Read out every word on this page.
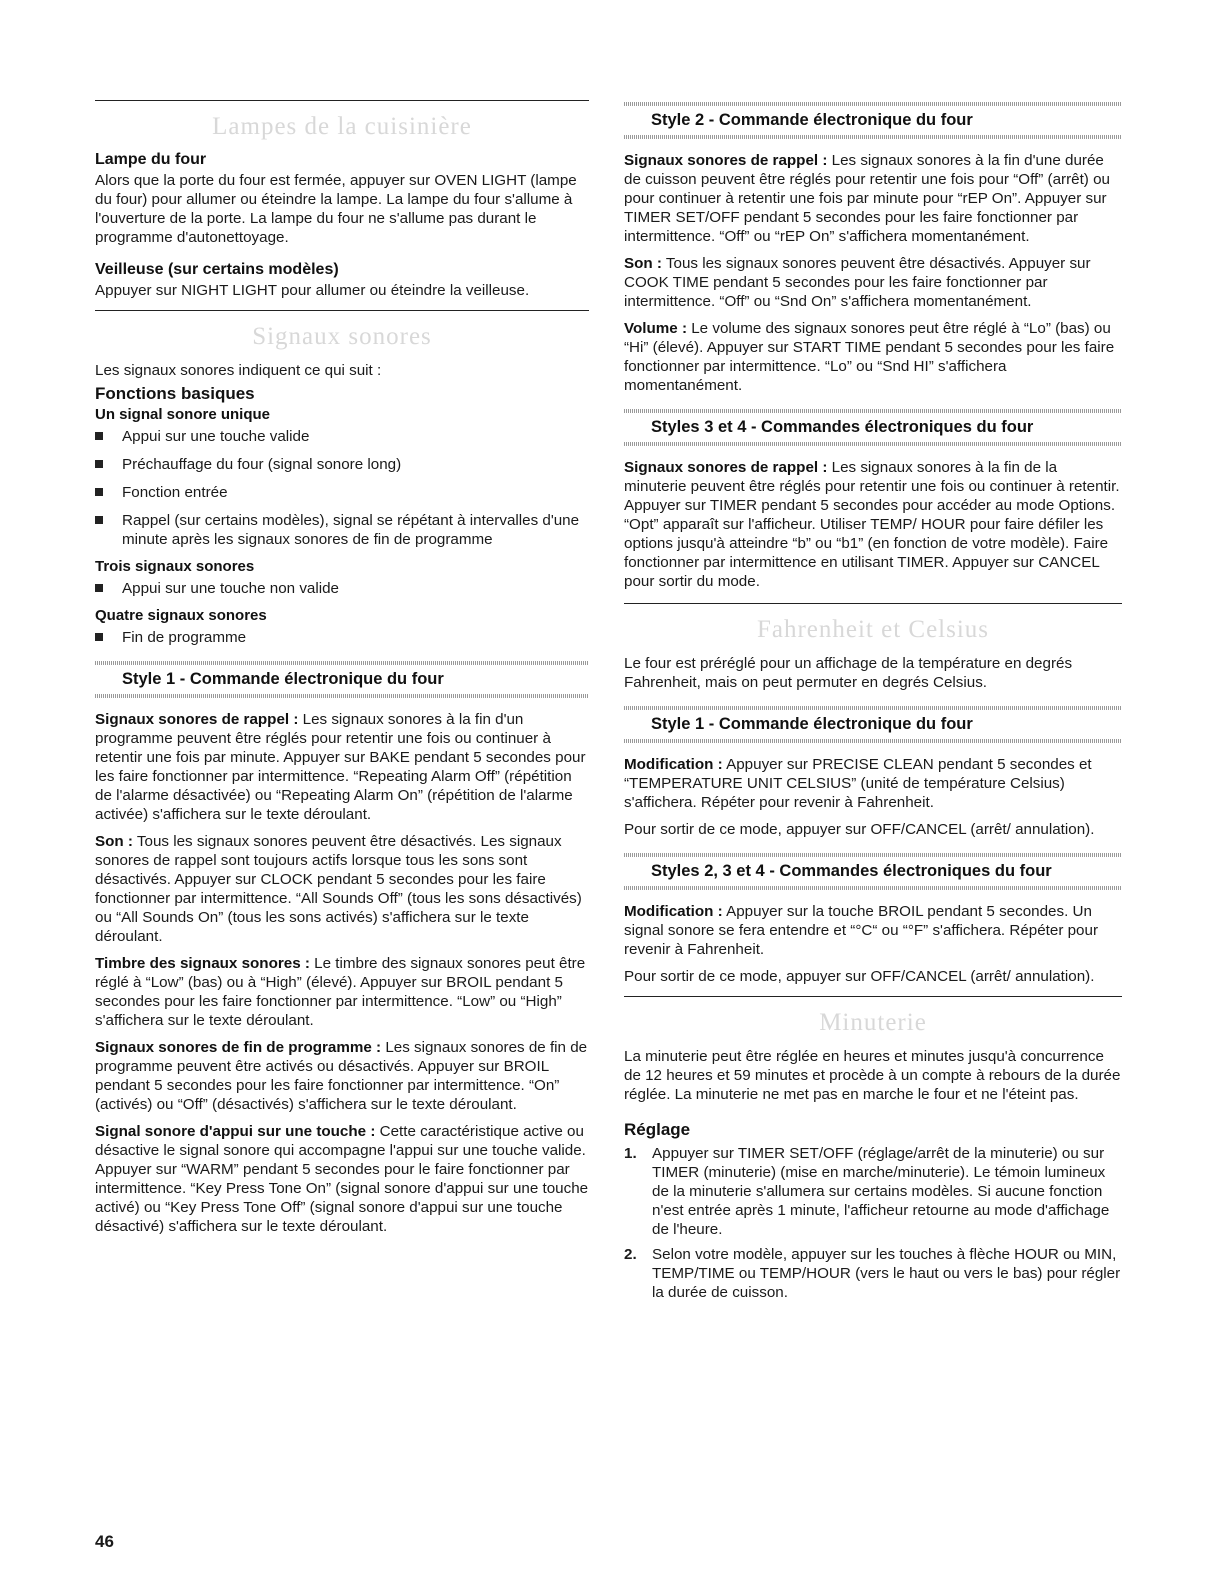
Lampes de la cuisinière
Lampe du four

Alors que la porte du four est fermée, appuyer sur OVEN LIGHT (lampe du four) pour allumer ou éteindre la lampe. La lampe du four s'allume à l'ouverture de la porte. La lampe du four ne s'allume pas durant le programme d'autonettoyage.

Veilleuse (sur certains modèles)

Appuyer sur NIGHT LIGHT pour allumer ou éteindre la veilleuse.

Signaux sonores

Les signaux sonores indiquent ce qui suit :

Fonctions basiques
Un signal sonore unique
Appui sur une touche valide
Préchauffage du four (signal sonore long)
Fonction entrée
Rappel (sur certains modèles), signal se répétant à intervalles d'une minute après les signaux sonores de fin de programme
Trois signaux sonores
Appui sur une touche non valide
Quatre signaux sonores
Fin de programme
Style 1 - Commande électronique du four

Signaux sonores de rappel : Les signaux sonores à la fin d'un programme peuvent être réglés pour retentir une fois ou continuer à retentir une fois par minute. Appuyer sur BAKE pendant 5 secondes pour les faire fonctionner par intermittence. “Repeating Alarm Off” (répétition de l'alarme désactivée) ou “Repeating Alarm On” (répétition de l'alarme activée) s'affichera sur le texte déroulant.

Son : Tous les signaux sonores peuvent être désactivés. Les signaux sonores de rappel sont toujours actifs lorsque tous les sons sont désactivés. Appuyer sur CLOCK pendant 5 secondes pour les faire fonctionner par intermittence. “All Sounds Off” (tous les sons désactivés) ou “All Sounds On” (tous les sons activés) s'affichera sur le texte déroulant.

Timbre des signaux sonores : Le timbre des signaux sonores peut être réglé à “Low” (bas) ou à “High” (élevé). Appuyer sur BROIL pendant 5 secondes pour les faire fonctionner par intermittence. “Low” ou “High” s'affichera sur le texte déroulant.

Signaux sonores de fin de programme : Les signaux sonores de fin de programme peuvent être activés ou désactivés. Appuyer sur BROIL pendant 5 secondes pour les faire fonctionner par intermittence. “On” (activés) ou “Off” (désactivés) s'affichera sur le texte déroulant.

Signal sonore d'appui sur une touche : Cette caractéristique active ou désactive le signal sonore qui accompagne l'appui sur une touche valide. Appuyer sur “WARM” pendant 5 secondes pour le faire fonctionner par intermittence. “Key Press Tone On” (signal sonore d'appui sur une touche activé) ou “Key Press Tone Off” (signal sonore d'appui sur une touche désactivé) s'affichera sur le texte déroulant.

Style 2 - Commande électronique du four

Signaux sonores de rappel : Les signaux sonores à la fin d'une durée de cuisson peuvent être réglés pour retentir une fois pour “Off” (arrêt) ou pour continuer à retentir une fois par minute pour “rEP On”. Appuyer sur TIMER SET/OFF pendant 5 secondes pour les faire fonctionner par intermittence. “Off” ou “rEP On” s'affichera momentanément.

Son : Tous les signaux sonores peuvent être désactivés. Appuyer sur COOK TIME pendant 5 secondes pour les faire fonctionner par intermittence. “Off” ou “Snd On” s'affichera momentanément.

Volume : Le volume des signaux sonores peut être réglé à “Lo” (bas) ou “Hi” (élevé). Appuyer sur START TIME pendant 5 secondes pour les faire fonctionner par intermittence. “Lo” ou “Snd HI” s'affichera momentanément.

Styles 3 et 4 - Commandes électroniques du four

Signaux sonores de rappel : Les signaux sonores à la fin de la minuterie peuvent être réglés pour retentir une fois ou continuer à retentir. Appuyer sur TIMER pendant 5 secondes pour accéder au mode Options. “Opt” apparaît sur l'afficheur. Utiliser TEMP/ HOUR pour faire défiler les options jusqu'à atteindre “b” ou “b1” (en fonction de votre modèle). Faire fonctionner par intermittence en utilisant TIMER. Appuyer sur CANCEL pour sortir du mode.

Fahrenheit et Celsius

Le four est préréglé pour un affichage de la température en degrés Fahrenheit, mais on peut permuter en degrés Celsius.

Style 1 - Commande électronique du four

Modification : Appuyer sur PRECISE CLEAN pendant 5 secondes et “TEMPERATURE UNIT CELSIUS” (unité de température Celsius) s'affichera. Répéter pour revenir à Fahrenheit.

Pour sortir de ce mode, appuyer sur OFF/CANCEL (arrêt/ annulation).

Styles 2, 3 et 4 - Commandes électroniques du four

Modification : Appuyer sur la touche BROIL pendant 5 secondes. Un signal sonore se fera entendre et “°C“ ou “°F” s'affichera. Répéter pour revenir à Fahrenheit.

Pour sortir de ce mode, appuyer sur OFF/CANCEL (arrêt/ annulation).

Minuterie

La minuterie peut être réglée en heures et minutes jusqu'à concurrence de 12 heures et 59 minutes et procède à un compte à rebours de la durée réglée. La minuterie ne met pas en marche le four et ne l'éteint pas.

Réglage
1. Appuyer sur TIMER SET/OFF (réglage/arrêt de la minuterie) ou sur TIMER (minuterie) (mise en marche/minuterie). Le témoin lumineux de la minuterie s'allumera sur certains modèles. Si aucune fonction n'est entrée après 1 minute, l'afficheur retourne au mode d'affichage de l'heure.
2. Selon votre modèle, appuyer sur les touches à flèche HOUR ou MIN, TEMP/TIME ou TEMP/HOUR (vers le haut ou vers le bas) pour régler la durée de cuisson.
46
